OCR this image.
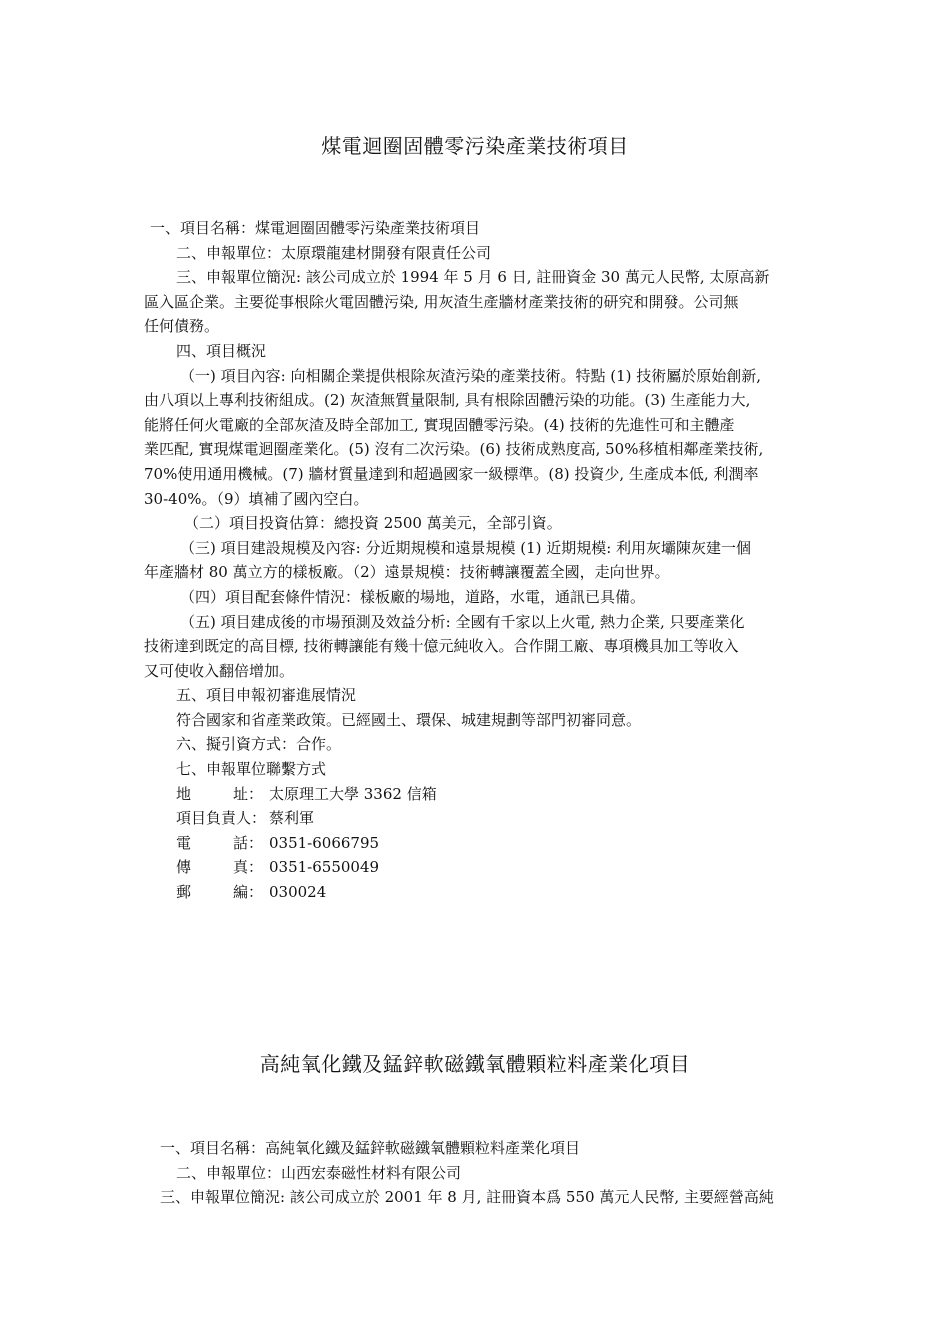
煤電迴圈固體零污染產業技術項目
一、項目名稱：煤電迴圈固體零污染產業技術項目
二、申報單位：太原環龍建材開發有限責任公司
三、申報單位簡況: 該公司成立於 1994 年 5 月 6 日, 註冊資金 30 萬元人民幣, 太原高新
區入區企業。主要從事根除火電固體污染, 用灰渣生產牆材產業技術的研究和開發。公司無
任何債務。
四、項目概況
（一) 項目內容: 向相關企業提供根除灰渣污染的產業技術。特點 (1) 技術屬於原始創新,
由八項以上專利技術組成。(2) 灰渣無質量限制, 具有根除固體污染的功能。(3) 生產能力大,
能將任何火電廠的全部灰渣及時全部加工, 實現固體零污染。(4) 技術的先進性可和主體產
業匹配, 實現煤電迴圈產業化。(5) 沒有二次污染。(6) 技術成熟度高, 50%移植相鄰產業技術,
70%使用通用機械。(7) 牆材質量達到和超過國家一級標準。(8) 投資少, 生產成本低, 利潤率
30-40%。（9）填補了國內空白。
（二）項目投資估算：總投資 2500 萬美元，全部引資。
（三) 項目建設規模及內容: 分近期規模和遠景規模 (1) 近期規模: 利用灰壩陳灰建一個
年產牆材 80 萬立方的樣板廠。（2）遠景規模：技術轉讓覆蓋全國，走向世界。
（四）項目配套條件情況：樣板廠的場地，道路，水電，通訊已具備。
（五) 項目建成後的市場預測及效益分析: 全國有千家以上火電, 熱力企業, 只要產業化
技術達到既定的高目標, 技術轉讓能有幾十億元純收入。合作開工廠、專項機具加工等收入
又可使收入翻倍增加。
五、項目申報初審進展情況
符合國家和省產業政策。已經國土、環保、城建規劃等部門初審同意。
六、擬引資方式：合作。
七、申報單位聯繫方式
地	址： 太原理工大學 3362 信箱
項目負責人： 蔡利軍
電	話： 0351-6066795
傳	真： 0351-6550049
郵	編： 030024
高純氧化鐵及錳鋅軟磁鐵氧體顆粒料產業化項目
一、項目名稱：高純氧化鐵及錳鋅軟磁鐵氧體顆粒料產業化項目
二、申報單位：山西宏泰磁性材料有限公司
三、申報單位簡況: 該公司成立於 2001 年 8 月, 註冊資本爲 550 萬元人民幣, 主要經營高純
